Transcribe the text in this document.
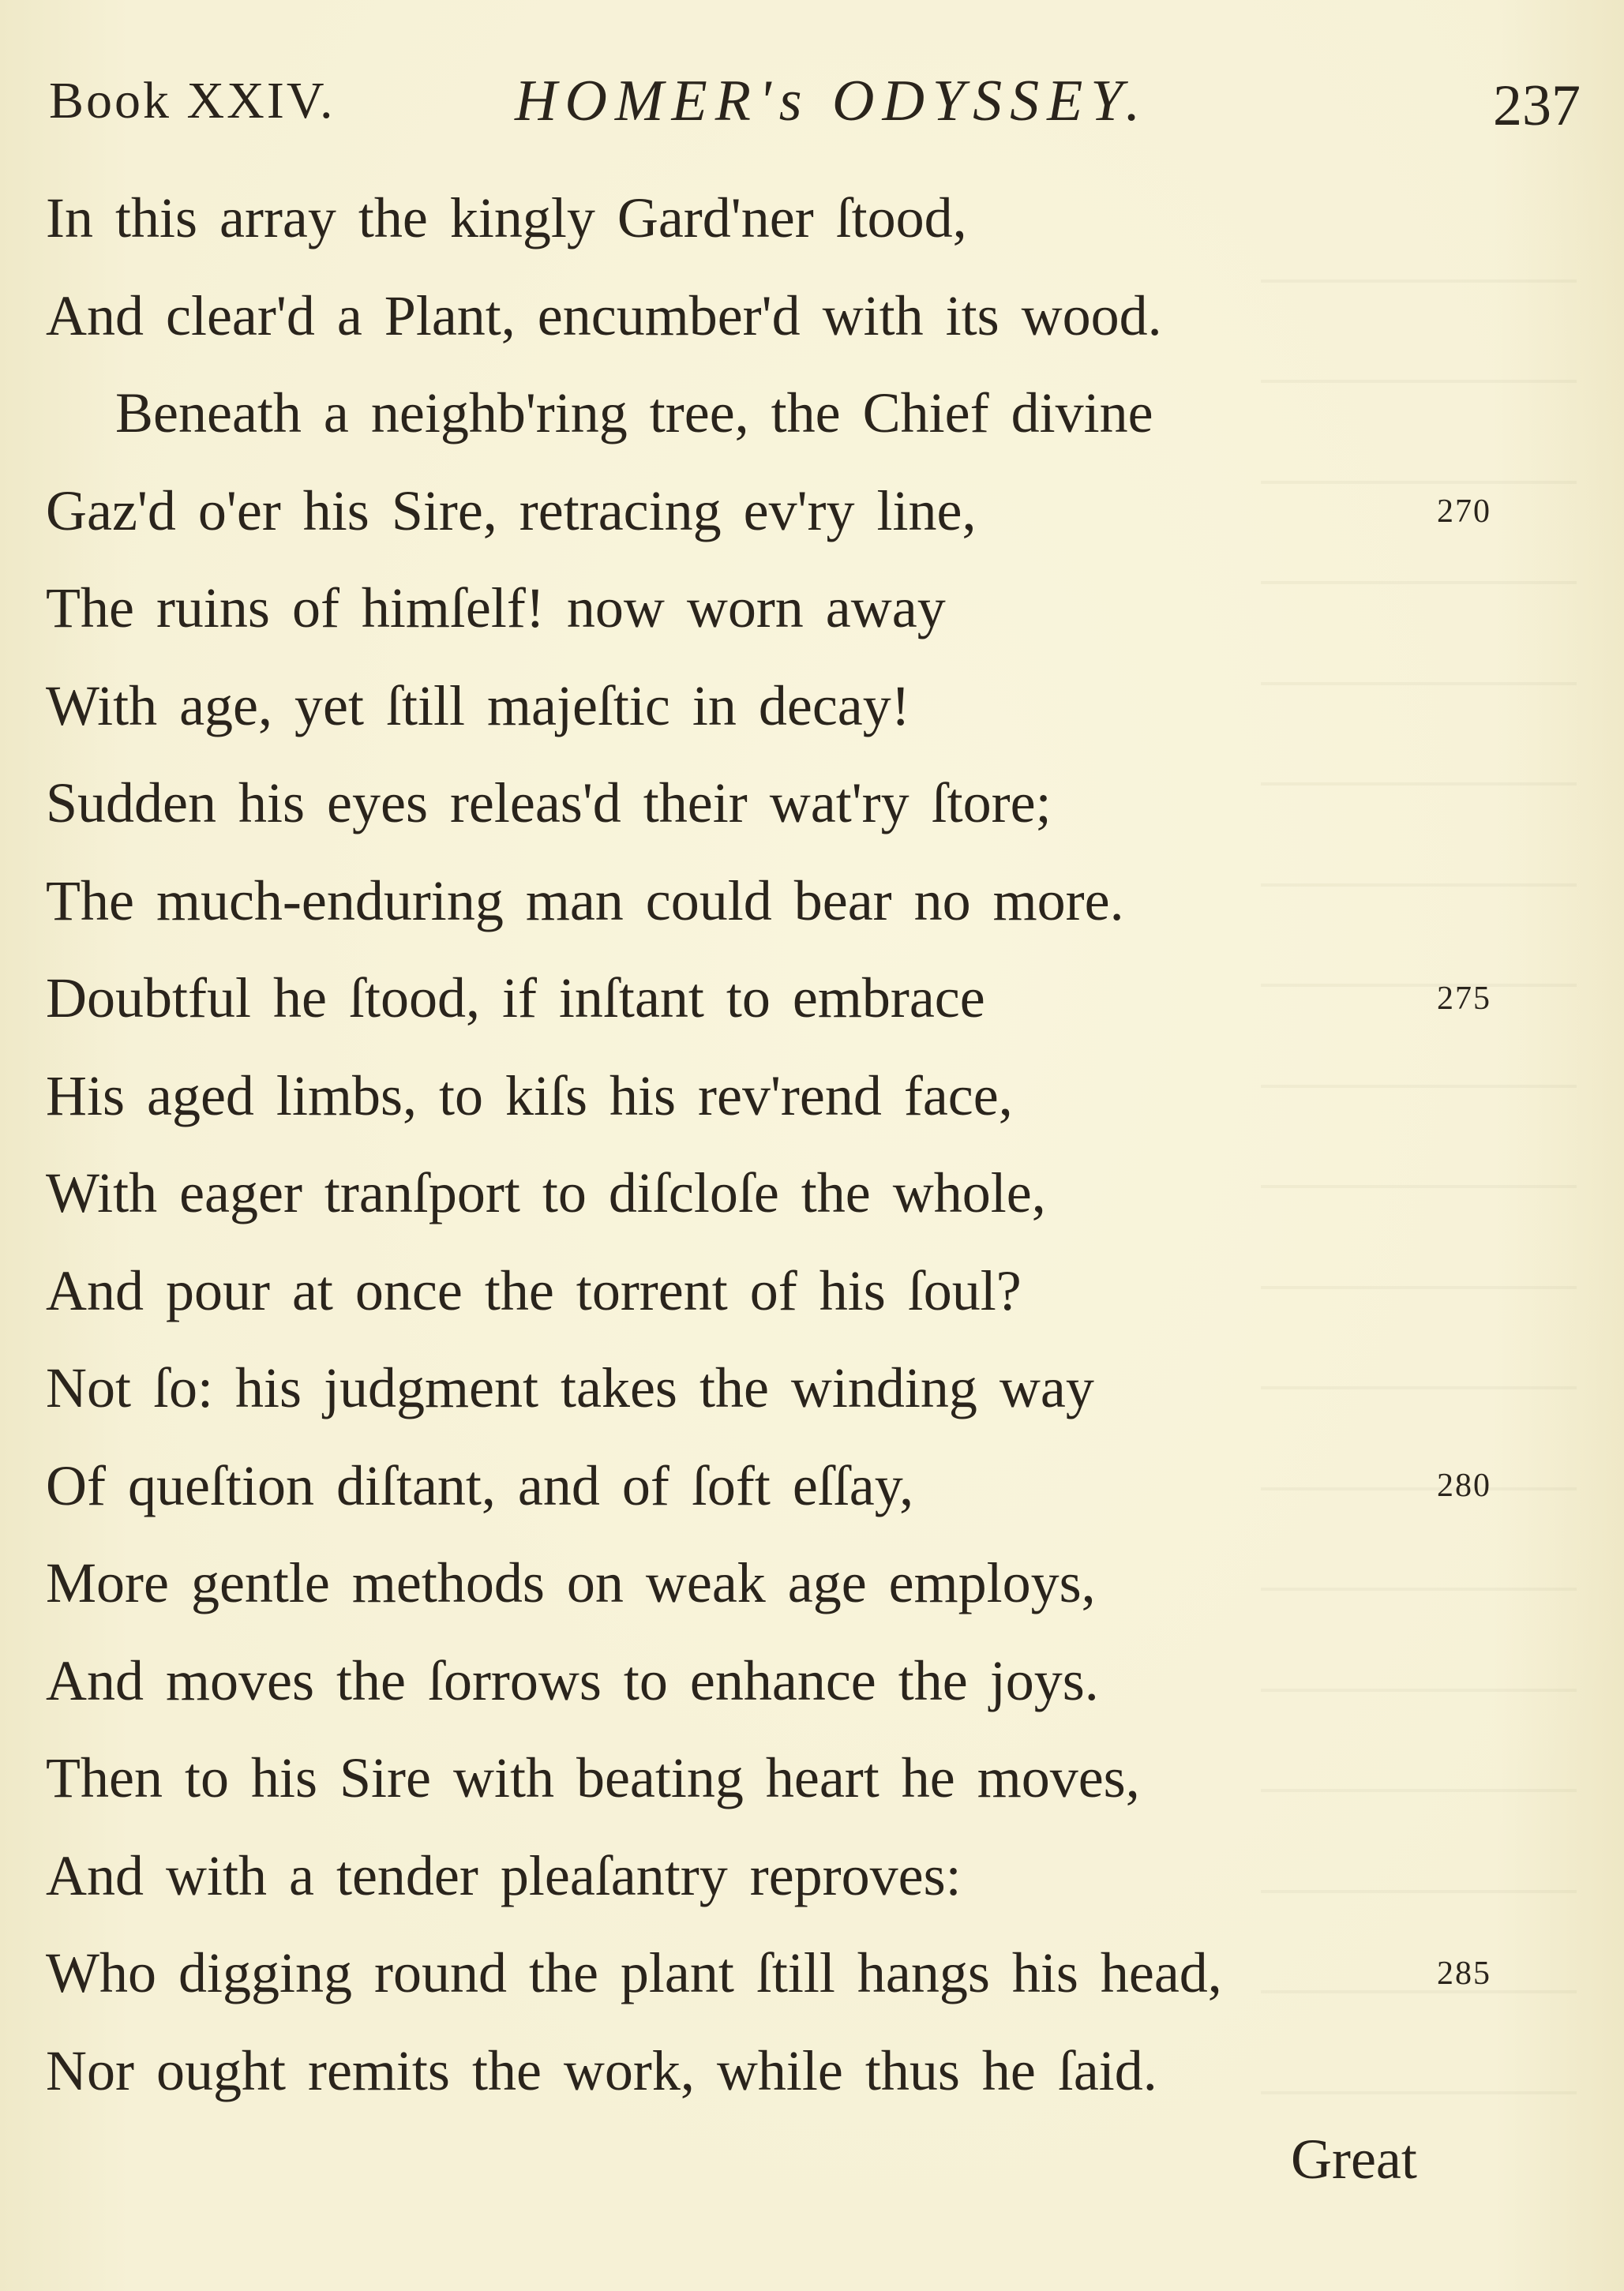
Book XXIV.	HOMER's ODYSSEY.	237
In this array the kingly Gard'ner ſtood,
And clear'd a Plant, encumber'd with its wood.
Beneath a neighb'ring tree, the Chief divine
Gaz'd o'er his Sire, retracing ev'ry line,
The ruins of himſelf! now worn away
With age, yet ſtill majeſtic in decay!
Sudden his eyes releas'd their wat'ry ſtore;
The much-enduring man could bear no more.
Doubtful he ſtood, if inſtant to embrace
His aged limbs, to kiſs his rev'rend face,
With eager tranſport to diſcloſe the whole,
And pour at once the torrent of his ſoul?
Not ſo: his judgment takes the winding way
Of queſtion diſtant, and of ſoft eſſay,
More gentle methods on weak age employs,
And moves the ſorrows to enhance the joys.
Then to his Sire with beating heart he moves,
And with a tender pleaſantry reproves:
Who digging round the plant ſtill hangs his head,
Nor ought remits the work, while thus he ſaid.
270
275
280
285
Great
